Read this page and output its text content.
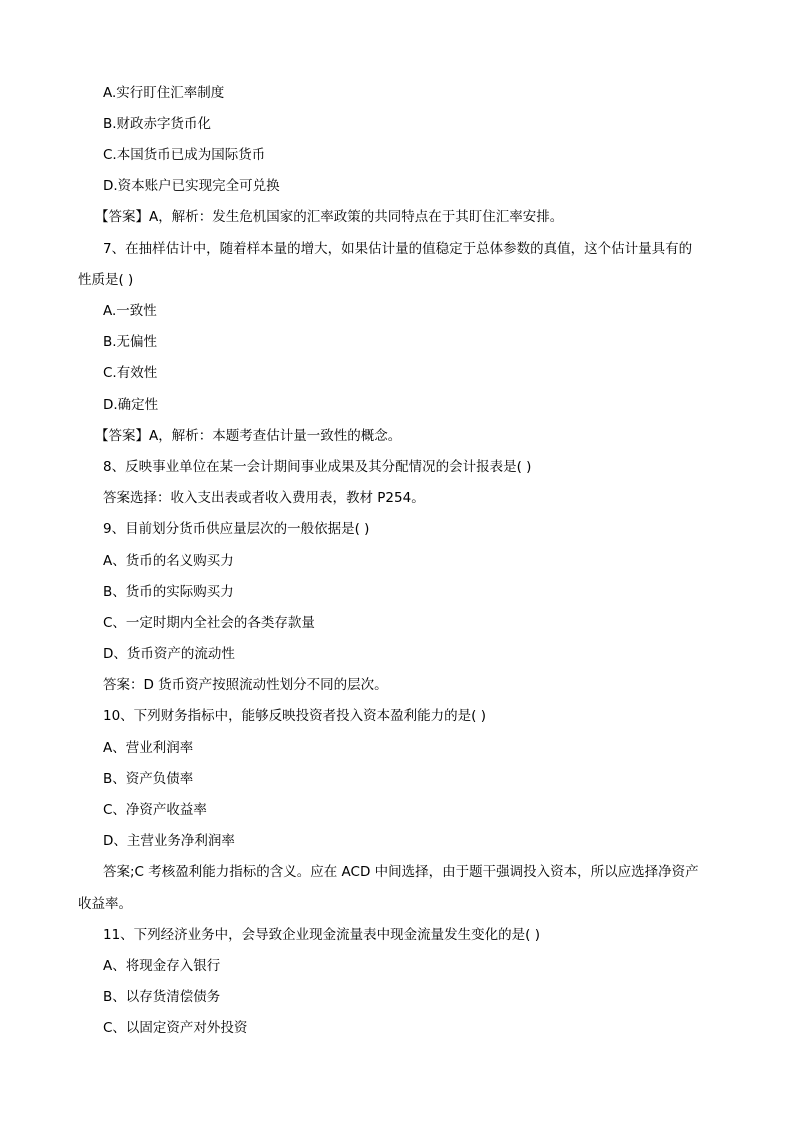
A.实行盯住汇率制度
B.财政赤字货币化
C.本国货币已成为国际货币
D.资本账户已实现完全可兑换
【答案】A，解析：发生危机国家的汇率政策的共同特点在于其盯住汇率安排。
7、在抽样估计中，随着样本量的增大，如果估计量的值稳定于总体参数的真值，这个估计量具有的
性质是( )
A.一致性
B.无偏性
C.有效性
D.确定性
【答案】A，解析：本题考查估计量一致性的概念。
8、反映事业单位在某一会计期间事业成果及其分配情况的会计报表是( )
答案选择：收入支出表或者收入费用表，教材 P254。
9、目前划分货币供应量层次的一般依据是( )
A、货币的名义购买力
B、货币的实际购买力
C、一定时期内全社会的各类存款量
D、货币资产的流动性
答案：D 货币资产按照流动性划分不同的层次。
10、下列财务指标中，能够反映投资者投入资本盈利能力的是( )
A、营业利润率
B、资产负债率
C、净资产收益率
D、主营业务净利润率
答案;C 考核盈利能力指标的含义。应在 ACD 中间选择，由于题干强调投入资本，所以应选择净资产
收益率。
11、下列经济业务中，会导致企业现金流量表中现金流量发生变化的是( )
A、将现金存入银行
B、以存货清偿债务
C、以固定资产对外投资
